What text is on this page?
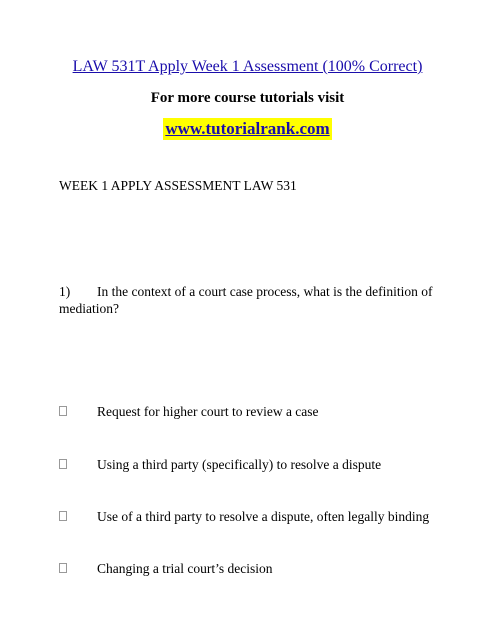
LAW 531T Apply Week 1 Assessment (100% Correct)
For more course tutorials visit
www.tutorialrank.com
WEEK 1 APPLY ASSESSMENT LAW 531
1) In the context of a court case process, what is the definition of mediation?
Request for higher court to review a case
Using a third party (specifically) to resolve a dispute
Use of a third party to resolve a dispute, often legally binding
Changing a trial court’s decision
